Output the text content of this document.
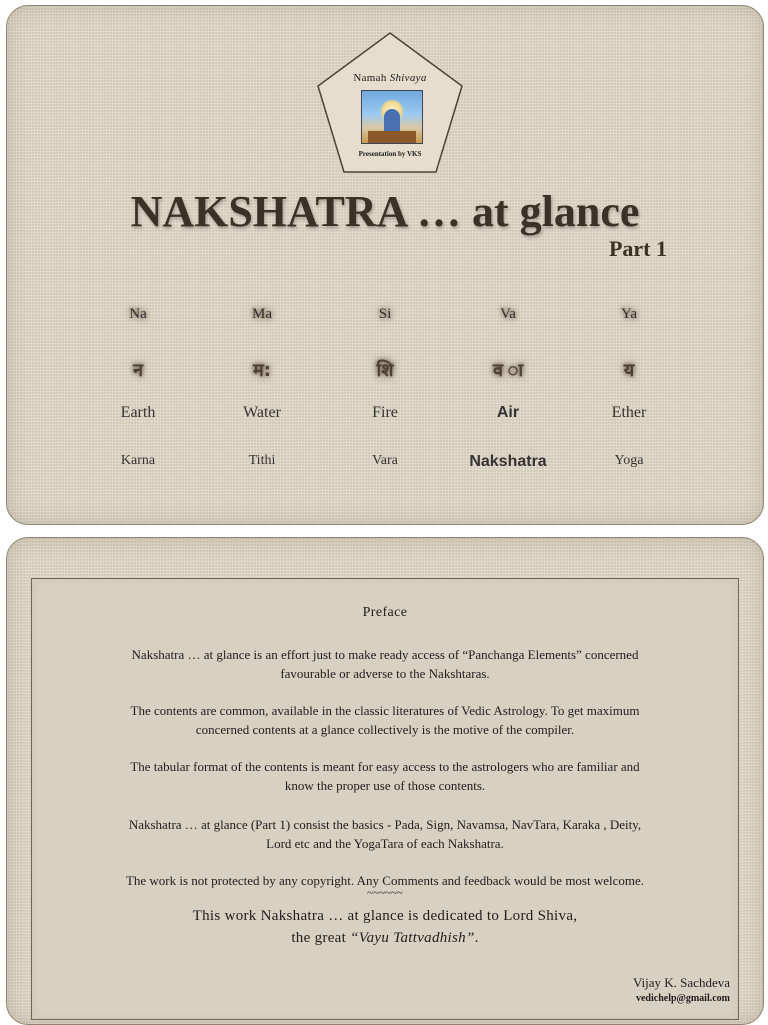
Namah Shivaya
Presentation by VKS
NAKSHATRA … at glance
Part 1
Na
न
Earth
Karna
Ma
म:
Water
Tithi
Si
शि
Fire
Vara
Va
व ा
Air
Nakshatra
Ya
य
Ether
Yoga
Preface
Nakshatra … at glance is an effort just to make ready access of “Panchanga Elements” concerned
favourable or adverse to the Nakshtaras.
The contents are common, available in the classic literatures of Vedic Astrology. To get maximum
concerned contents at a glance collectively is the motive of the compiler.
The tabular format of the contents is meant for easy access to the astrologers who are familiar and
know the proper use of those contents.
Nakshatra … at glance (Part 1) consist the basics - Pada, Sign, Navamsa, NavTara, Karaka , Deity,
Lord etc and the YogaTara of each Nakshatra.
The work is not protected by any copyright. Any Comments and feedback would be most welcome.
~~~~~~
This work Nakshatra … at glance is dedicated to Lord Shiva,
the great “Vayu Tattvadhish”.
Vijay K. Sachdeva
vedichelp@gmail.com
